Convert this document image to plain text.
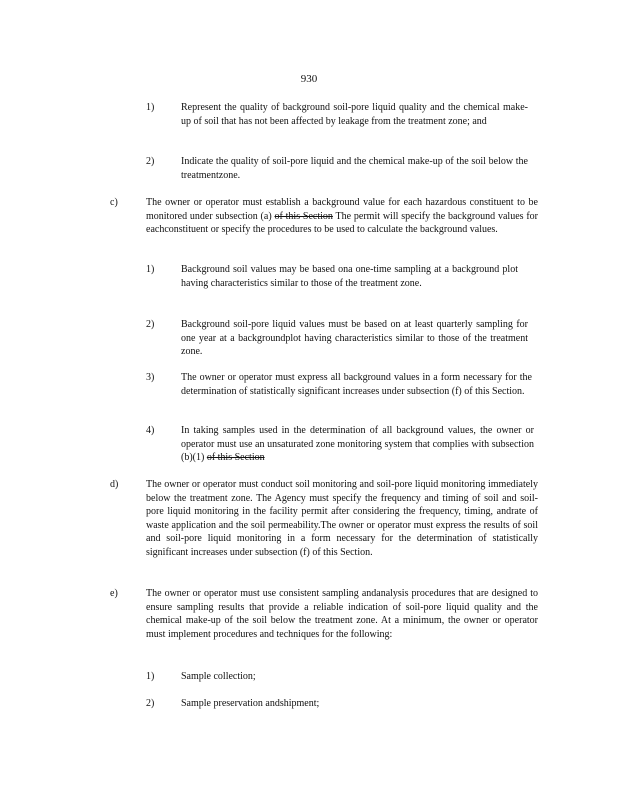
930
1)	Represent the quality of background soil-pore liquid quality and the chemical make-up of soil that has not been affected by leakage from the treatment zone; and
2)	Indicate the quality of soil-pore liquid and the chemical make-up of the soil below the treatmentzone.
c)	The owner or operator must establish a background value for each hazardous constituent to be monitored under subsection (a) of this Section The permit will specify the background values for eachconstituent or specify the procedures to be used to calculate the background values.
1)	Background soil values may be based ona one-time sampling at a background plot having characteristics similar to those of the treatment zone.
2)	Background soil-pore liquid values must be based on at least quarterly sampling for one year at a backgroundplot having characteristics similar to those of the treatment zone.
3)	The owner or operator must express all background values in a form necessary for the determination of statistically significant increases under subsection (f) of this Section.
4)	In taking samples used in the determination of all background values, the owner or operator must use an unsaturated zone monitoring system that complies with subsection (b)(1) of this Section
d)	The owner or operator must conduct soil monitoring and soil-pore liquid monitoring immediately below the treatment zone. The Agency must specify the frequency and timing of soil and soil-pore liquid monitoring in the facility permit after considering the frequency, timing, andrate of waste application and the soil permeability.The owner or operator must express the results of soil and soil-pore liquid monitoring in a form necessary for the determination of statistically significant increases under subsection (f) of this Section.
e)	The owner or operator must use consistent sampling andanalysis procedures that are designed to ensure sampling results that provide a reliable indication of soil-pore liquid quality and the chemical make-up of the soil below the treatment zone. At a minimum, the owner or operator must implement procedures and techniques for the following:
1)	Sample collection;
2)	Sample preservation andshipment;
